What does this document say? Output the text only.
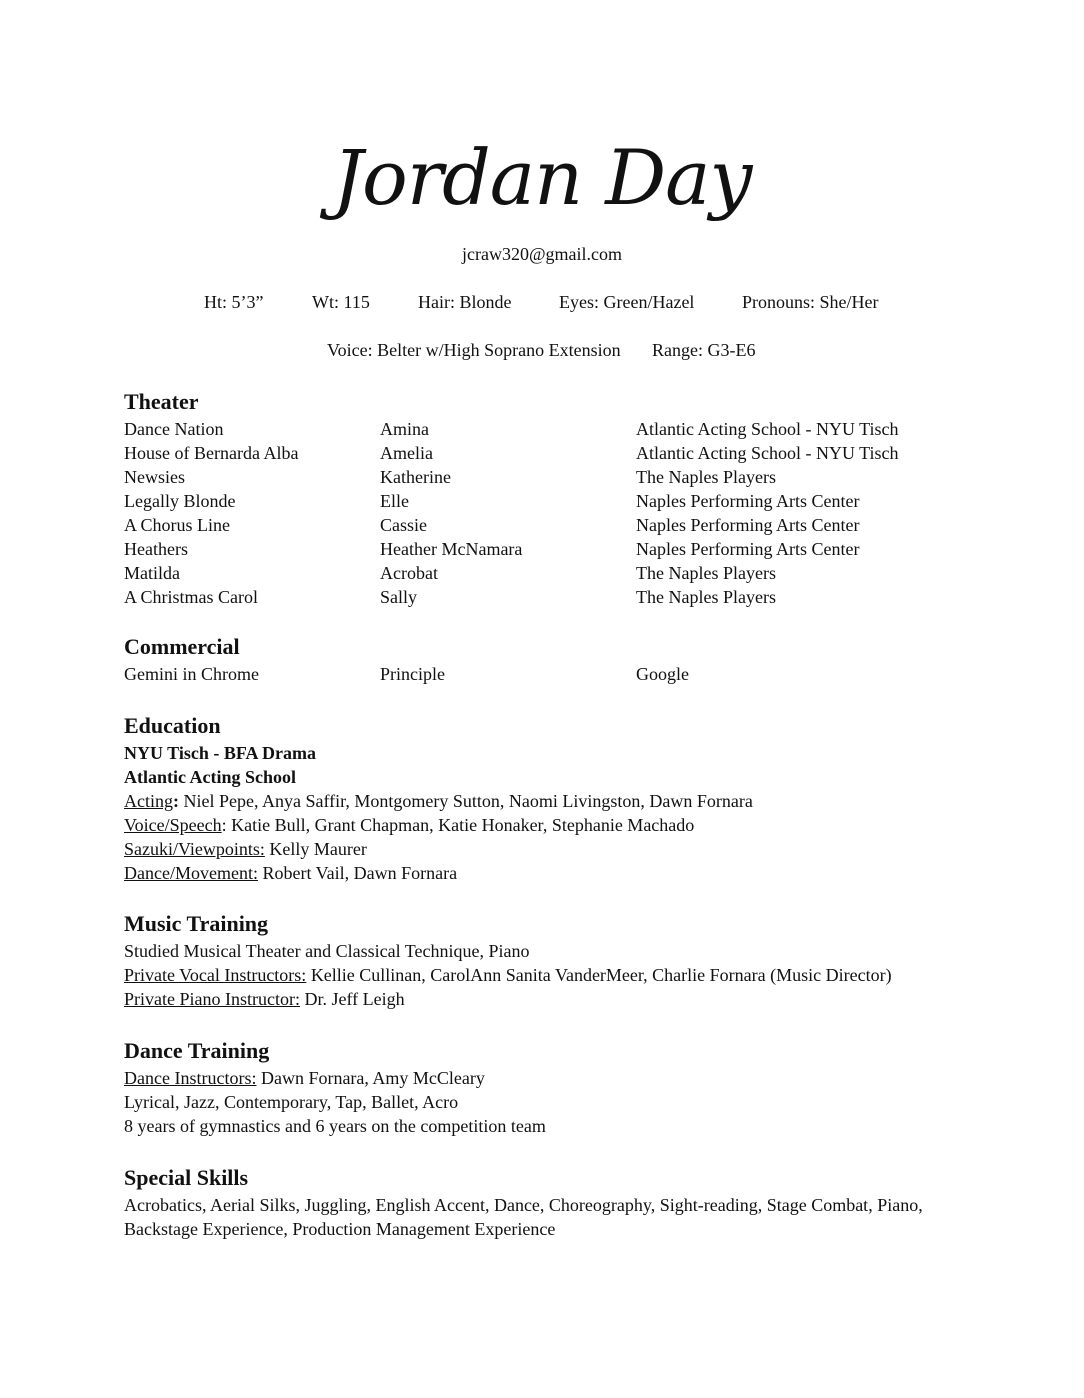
Jordan Day
jcraw320@gmail.com
Ht: 5’3”	Wt: 115	Hair: Blonde	Eyes: Green/Hazel	Pronouns: She/Her
Voice: Belter w/High Soprano Extension Range: G3-E6
Theater
Dance Nation	Amina	Atlantic Acting School - NYU Tisch
House of Bernarda Alba	Amelia	Atlantic Acting School - NYU Tisch
Newsies	Katherine	The Naples Players
Legally Blonde	Elle	Naples Performing Arts Center
A Chorus Line	Cassie	Naples Performing Arts Center
Heathers	Heather McNamara	Naples Performing Arts Center
Matilda	Acrobat	The Naples Players
A Christmas Carol	Sally	The Naples Players
Commercial
Gemini in Chrome	Principle	Google
Education
NYU Tisch - BFA Drama
Atlantic Acting School
Acting: Niel Pepe, Anya Saffir, Montgomery Sutton, Naomi Livingston, Dawn Fornara
Voice/Speech: Katie Bull, Grant Chapman, Katie Honaker, Stephanie Machado
Sazuki/Viewpoints: Kelly Maurer
Dance/Movement: Robert Vail, Dawn Fornara
Music Training
Studied Musical Theater and Classical Technique, Piano
Private Vocal Instructors: Kellie Cullinan, CarolAnn Sanita VanderMeer, Charlie Fornara (Music Director)
Private Piano Instructor: Dr. Jeff Leigh
Dance Training
Dance Instructors: Dawn Fornara, Amy McCleary
Lyrical, Jazz, Contemporary, Tap, Ballet, Acro
8 years of gymnastics and 6 years on the competition team
Special Skills
Acrobatics, Aerial Silks, Juggling, English Accent, Dance, Choreography, Sight-reading, Stage Combat, Piano,
Backstage Experience, Production Management Experience
